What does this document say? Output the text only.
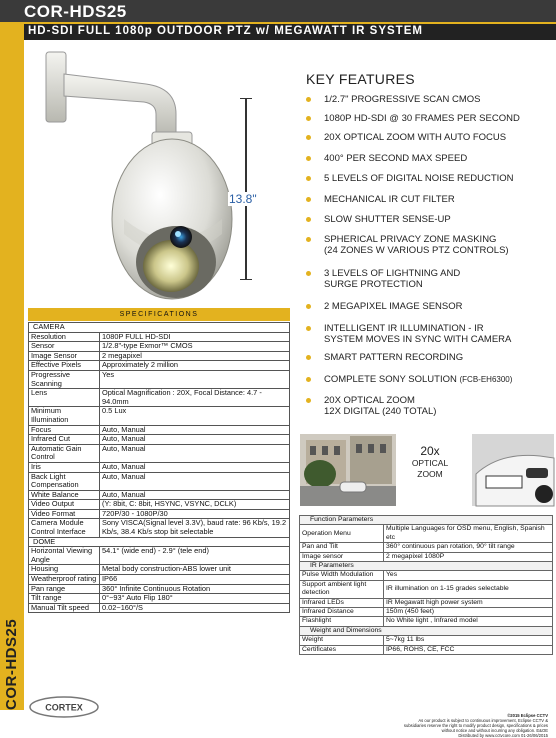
COR-HDS25
HD-SDI FULL 1080p OUTDOOR PTZ w/ MEGAWATT IR SYSTEM
COR-HDS25
13.8"
KEY FEATURES
1/2.7" PROGRESSIVE SCAN CMOS
1080P HD-SDI @ 30 FRAMES PER SECOND
20X OPTICAL ZOOM WITH AUTO FOCUS
400° PER SECOND MAX SPEED
5 LEVELS OF DIGITAL NOISE REDUCTION
MECHANICAL IR CUT FILTER
SLOW SHUTTER SENSE-UP
SPHERICAL PRIVACY ZONE MASKING
(24 ZONES W VARIOUS PTZ CONTROLS)
3 LEVELS OF LIGHTNING AND
SURGE PROTECTION
2 MEGAPIXEL IMAGE SENSOR
INTELLIGENT IR ILLUMINATION - IR
SYSTEM MOVES IN SYNC WITH CAMERA
SMART PATTERN RECORDING
COMPLETE SONY SOLUTION (FCB-EH6300)
20X OPTICAL ZOOM
12X DIGITAL (240 TOTAL)
SPECIFICATIONS
CAMERA	
Resolution	1080P FULL HD-SDI
Sensor	1/2.8"-type Exmor™ CMOS
Image Sensor	2 megapixel
Effective Pixels	Approximately 2 million
Progressive Scanning	Yes
Lens	Optical Magnification : 20X, Focal Distance: 4.7 - 94.0mm
Minimum Illumination	0.5 Lux
Focus	Auto, Manual
Infrared Cut	Auto, Manual
Automatic Gain Control	Auto, Manual
Iris	Auto, Manual
Back Light Compensation	Auto, Manual
White Balance	Auto, Manual
Video Output	(Y: 8bit, C: 8bit, HSYNC, VSYNC, DCLK)
Video Format	720P/30 - 1080P/30
Camera Module Control Interface	Sony VISCA(Signal level 3.3V), baud rate: 96 Kb/s, 19.2 Kb/s, 38.4 Kb/s stop bit selectable
DOME	
Horizontal Viewing Angle	54.1° (wide end) - 2.9° (tele end)
Housing	Metal body construction-ABS lower unit
Weatherproof rating	IP66
Pan range	360° Infinite Continuous Rotation
Tilt range	0°~93° Auto Flip 180°
Manual Tilt speed	0.02~160°/S
20x
OPTICAL
ZOOM
Function Parameters	
Operation Menu	Multiple Languages for OSD menu, English, Spanish etc
Pan and Tilt	360° continuous pan rotation, 90° tilt range
Image sensor	2 megapixel 1080P
IR Parameters	
Pulse Width Modulation	Yes
Support ambient light detection	IR illumination on 1-15 grades selectable
Infrared LEDs	IR Megawatt high power system
Infrared Distance	150m (450 feet)
Flashlight	No White light , Infrared model
Weight and Dimensions	
Weight	5~7kg 11 lbs
Certificates	IP66, ROHS, CE, FCC
CORTEX
©2015 Eclipse CCTV
As our product is subject to continuous improvement, Eclipse CCTV &
subsidiaries reserve the right to modify product design, specifications & prices
without notice and without incurring any obligation. E&OE
Distributed by www.cctvcore.com 01-26/06/2015
